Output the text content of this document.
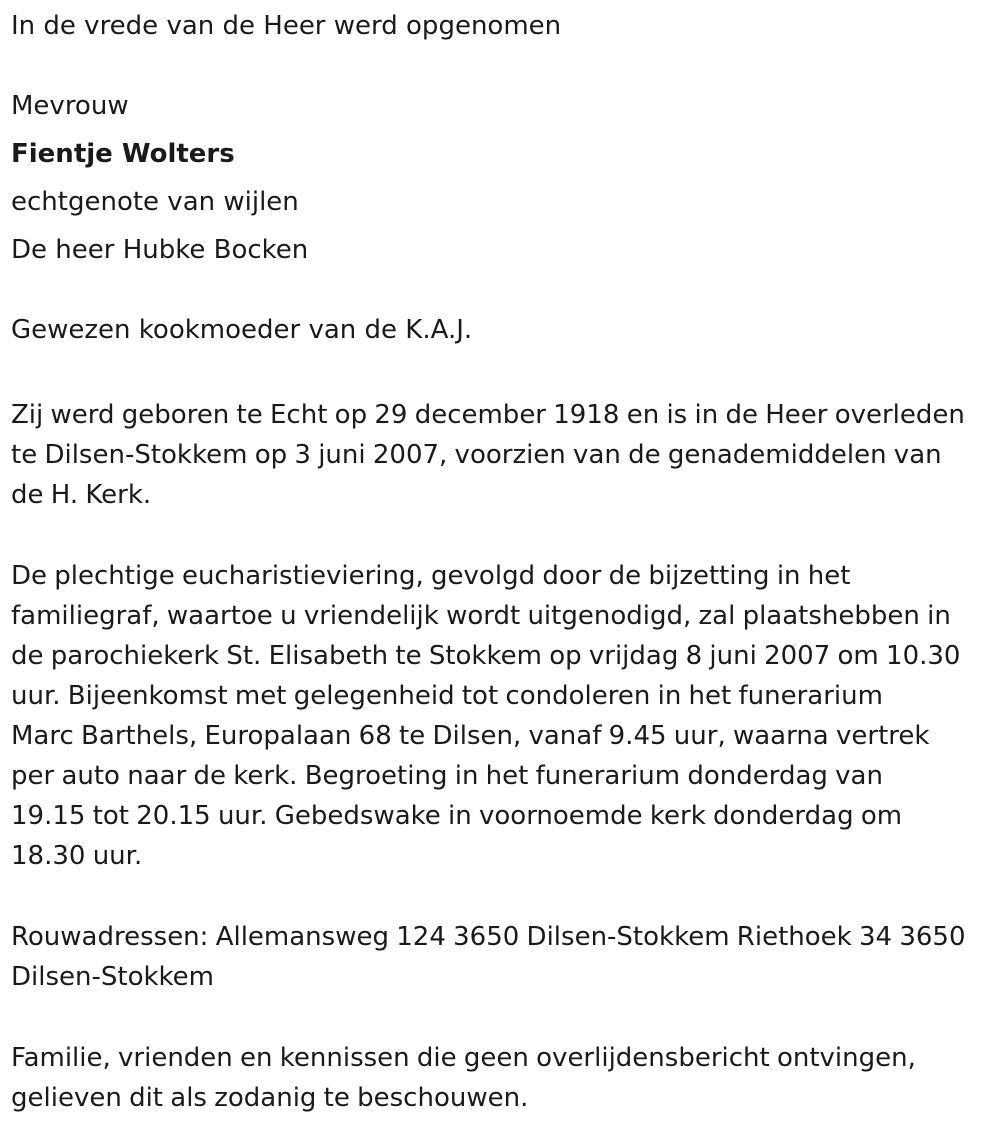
In de vrede van de Heer werd opgenomen
Mevrouw
Fientje Wolters
echtgenote van wijlen
De heer Hubke Bocken
Gewezen kookmoeder van de K.A.J.
Zij werd geboren te Echt op 29 december 1918 en is in de Heer overleden
te Dilsen-Stokkem op 3 juni 2007, voorzien van de genademiddelen van
de H. Kerk.
De plechtige eucharistieviering, gevolgd door de bijzetting in het
familiegraf, waartoe u vriendelijk wordt uitgenodigd, zal plaatshebben in
de parochiekerk St. Elisabeth te Stokkem op vrijdag 8 juni 2007 om 10.30
uur. Bijeenkomst met gelegenheid tot condoleren in het funerarium
Marc Barthels, Europalaan 68 te Dilsen, vanaf 9.45 uur, waarna vertrek
per auto naar de kerk. Begroeting in het funerarium donderdag van
19.15 tot 20.15 uur. Gebedswake in voornoemde kerk donderdag om
18.30 uur.
Rouwadressen: Allemansweg 124 3650 Dilsen-Stokkem Riethoek 34 3650
Dilsen-Stokkem
Familie, vrienden en kennissen die geen overlijdensbericht ontvingen,
gelieven dit als zodanig te beschouwen.
